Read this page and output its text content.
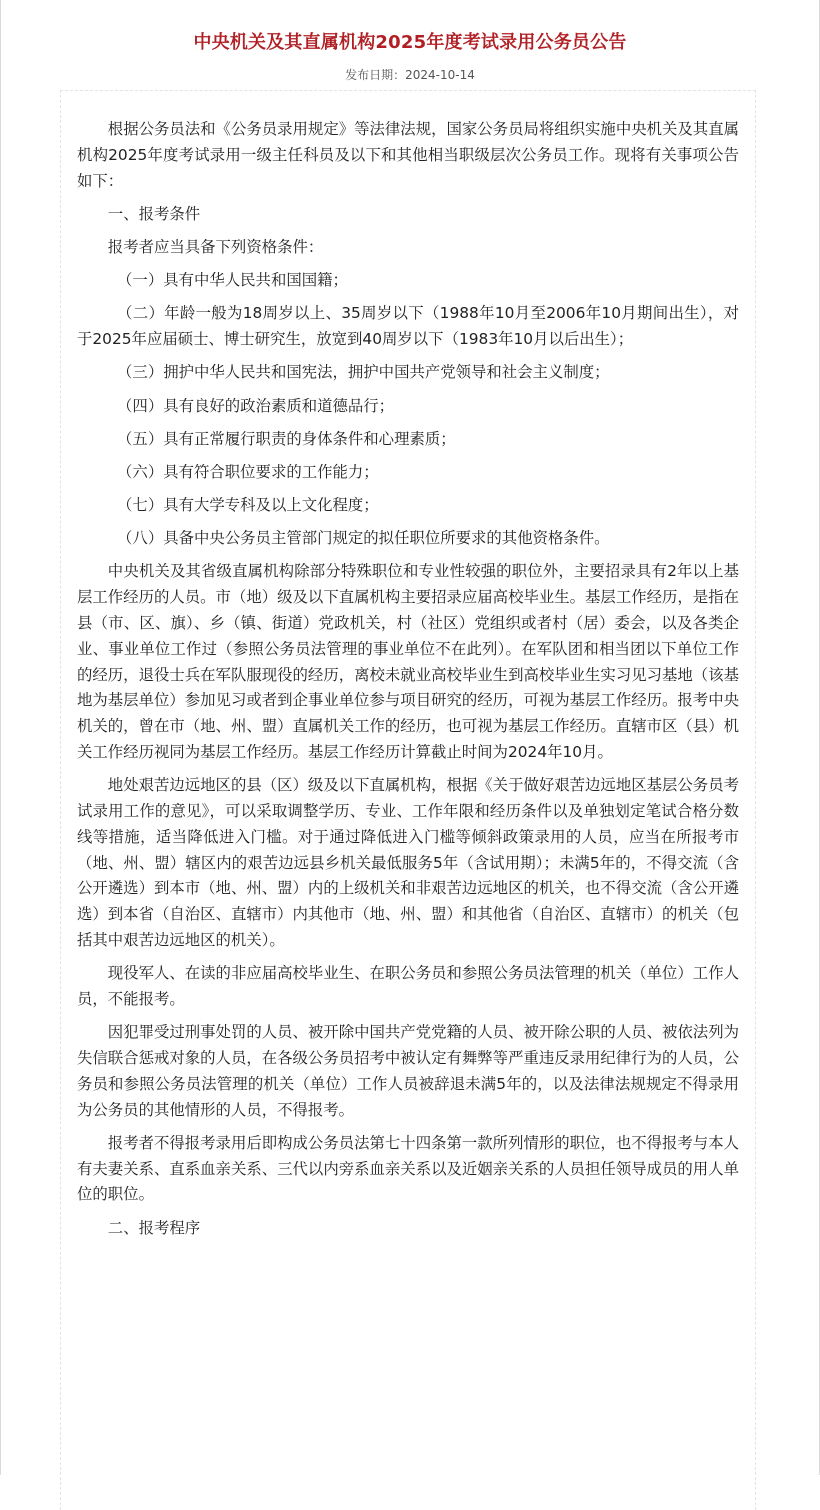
中央机关及其直属机构2025年度考试录用公务员公告

发布日期：2024-10-14

根据公务员法和《公务员录用规定》等法律法规，国家公务员局将组织实施中央机关及其直属机构2025年度考试录用一级主任科员及以下和其他相当职级层次公务员工作。现将有关事项公告如下：

一、报考条件

报考者应当具备下列资格条件：

（一）具有中华人民共和国国籍；

（二）年龄一般为18周岁以上、35周岁以下（1988年10月至2006年10月期间出生），对于2025年应届硕士、博士研究生，放宽到40周岁以下（1983年10月以后出生）；

（三）拥护中华人民共和国宪法，拥护中国共产党领导和社会主义制度；

（四）具有良好的政治素质和道德品行；

（五）具有正常履行职责的身体条件和心理素质；

（六）具有符合职位要求的工作能力；

（七）具有大学专科及以上文化程度；

（八）具备中央公务员主管部门规定的拟任职位所要求的其他资格条件。

中央机关及其省级直属机构除部分特殊职位和专业性较强的职位外，主要招录具有2年以上基层工作经历的人员。市（地）级及以下直属机构主要招录应届高校毕业生。基层工作经历，是指在县（市、区、旗）、乡（镇、街道）党政机关，村（社区）党组织或者村（居）委会，以及各类企业、事业单位工作过（参照公务员法管理的事业单位不在此列）。在军队团和相当团以下单位工作的经历，退役士兵在军队服现役的经历，离校未就业高校毕业生到高校毕业生实习见习基地（该基地为基层单位）参加见习或者到企事业单位参与项目研究的经历，可视为基层工作经历。报考中央机关的，曾在市（地、州、盟）直属机关工作的经历，也可视为基层工作经历。直辖市区（县）机关工作经历视同为基层工作经历。基层工作经历计算截止时间为2024年10月。

地处艰苦边远地区的县（区）级及以下直属机构，根据《关于做好艰苦边远地区基层公务员考试录用工作的意见》，可以采取调整学历、专业、工作年限和经历条件以及单独划定笔试合格分数线等措施，适当降低进入门槛。对于通过降低进入门槛等倾斜政策录用的人员，应当在所报考市（地、州、盟）辖区内的艰苦边远县乡机关最低服务5年（含试用期）；未满5年的，不得交流（含公开遴选）到本市（地、州、盟）内的上级机关和非艰苦边远地区的机关，也不得交流（含公开遴选）到本省（自治区、直辖市）内其他市（地、州、盟）和其他省（自治区、直辖市）的机关（包括其中艰苦边远地区的机关）。

现役军人、在读的非应届高校毕业生、在职公务员和参照公务员法管理的机关（单位）工作人员，不能报考。

因犯罪受过刑事处罚的人员、被开除中国共产党党籍的人员、被开除公职的人员、被依法列为失信联合惩戒对象的人员，在各级公务员招考中被认定有舞弊等严重违反录用纪律行为的人员，公务员和参照公务员法管理的机关（单位）工作人员被辞退未满5年的，以及法律法规规定不得录用为公务员的其他情形的人员，不得报考。

报考者不得报考录用后即构成公务员法第七十四条第一款所列情形的职位，也不得报考与本人有夫妻关系、直系血亲关系、三代以内旁系血亲关系以及近姻亲关系的人员担任领导成员的用人单位的职位。

二、报考程序
